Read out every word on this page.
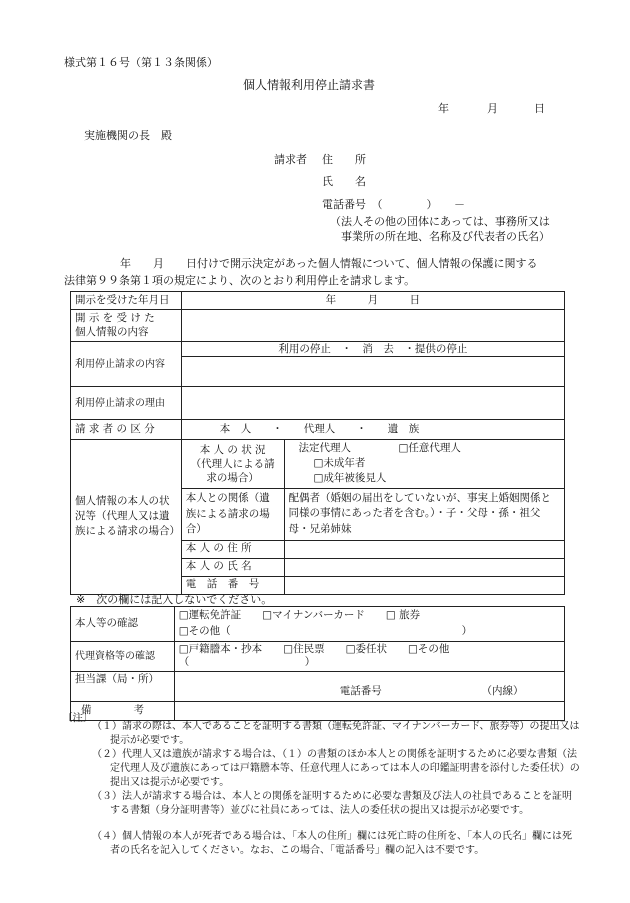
様式第１６号（第１３条関係）
個人情報利用停止請求書
年	月	日
実施機関の長　殿
請求者 住　　所
氏　　名
電話番号　（　　　　）　　－
（法人その他の団体にあっては、事務所又は
事業所の所在地、名称及び代表者の氏名）
年　　月　　日付けで開示決定があった個人情報について、個人情報の保護に関する
法律第９９条第１項の規定により、次のとおり利用停止を請求します。
開示を受けた年月日	年　　　月　　　日	

開 示 を 受 け た
個人情報の内容		

利用停止請求の内容	利用の停止　・　消　去　・提供の停止	

利用停止請求の理由		
請 求 者 の 区 分	本　人　　・　　代理人　　・　　遺　族	
個人情報の本人の状況等（代理人又は遺族による請求の場合）	本 人 の 状 況（代理人による請求の場合）	法定代理人 □任意代理人
□未成年者
□成年被後見人

	本人との関係（遺族による請求の場合）	配偶者（婚姻の届出をしていないが、事実上婚姻関係と同様の事情にあった者を含む。）・子・父母・孫・祖父母・兄弟姉妹
	本 人 の 住 所	
	本 人 の 氏 名	
	電　話　番　号	
※　次の欄には記入しないでください。
本人等の確認	□運転免許証　　□マイナンバーカード　　□ 旅券
□その他（　　　　　　　　　　　　　　　　　　　　　　）

代理資格等の確認	□戸籍謄本・抄本　　□住民票　　□委任状　　□その他（　　　　　　　　　　　）
担当課（局・所）	電話番号　　　　　　　　　　（内線）
備　　　　考	
〔注〕
（１）請求の際は、本人であることを証明する書類（運転免許証、マイナンバーカード、旅券等）の提出又は提示が必要です。
（２）代理人又は遺族が請求する場合は、（１）の書類のほか本人との関係を証明するために必要な書類（法定代理人及び遺族にあっては戸籍謄本等、任意代理人にあっては本人の印鑑証明書を添付した委任状）の提出又は提示が必要です。
（３）法人が請求する場合は、本人との関係を証明するために必要な書類及び法人の社員であることを証明する書類（身分証明書等）並びに社員にあっては、法人の委任状の提出又は提示が必要です。
（４）個人情報の本人が死者である場合は、「本人の住所」欄には死亡時の住所を、「本人の氏名」欄には死者の氏名を記入してください。なお、この場合、「電話番号」欄の記入は不要です。
